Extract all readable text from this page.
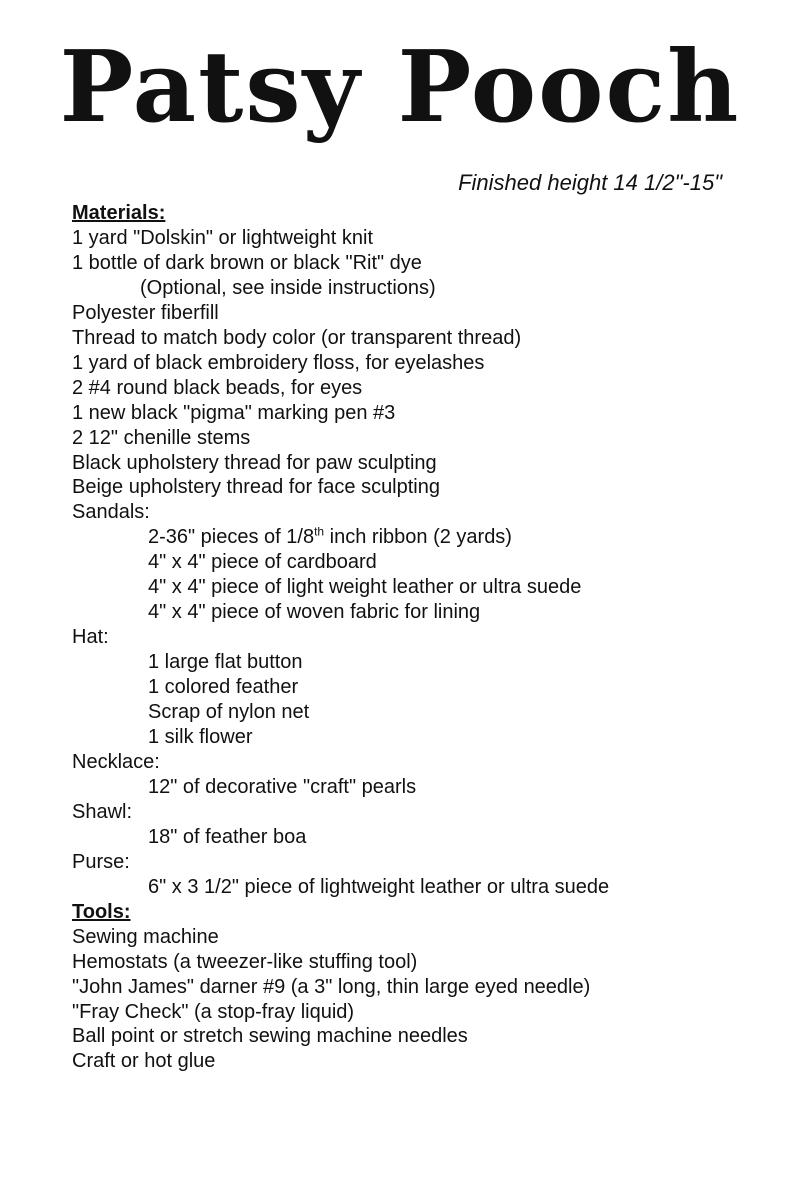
Patsy Pooch

Finished height 14 1/2"-15"

Materials:
1 yard "Dolskin" or lightweight knit
1 bottle of dark brown or black "Rit" dye
(Optional, see inside instructions)
Polyester fiberfill
Thread to match body color (or transparent thread)
1 yard of black embroidery floss, for eyelashes
2 #4 round black beads, for eyes
1 new black "pigma" marking pen #3
2 12" chenille stems
Black upholstery thread for paw sculpting
Beige upholstery thread for face sculpting
Sandals:
2-36" pieces of 1/8th inch ribbon (2 yards)
4" x 4" piece of cardboard
4" x 4" piece of light weight leather or ultra suede
4" x 4" piece of woven fabric for lining
Hat:
1 large flat button
1 colored feather
Scrap of nylon net
1 silk flower
Necklace:
12" of decorative "craft" pearls
Shawl:
18" of feather boa
Purse:
6" x 3 1/2" piece of lightweight leather or ultra suede
Tools:
Sewing machine
Hemostats (a tweezer-like stuffing tool)
"John James" darner #9 (a 3" long, thin large eyed needle)
"Fray Check" (a stop-fray liquid)
Ball point or stretch sewing machine needles
Craft or hot glue
